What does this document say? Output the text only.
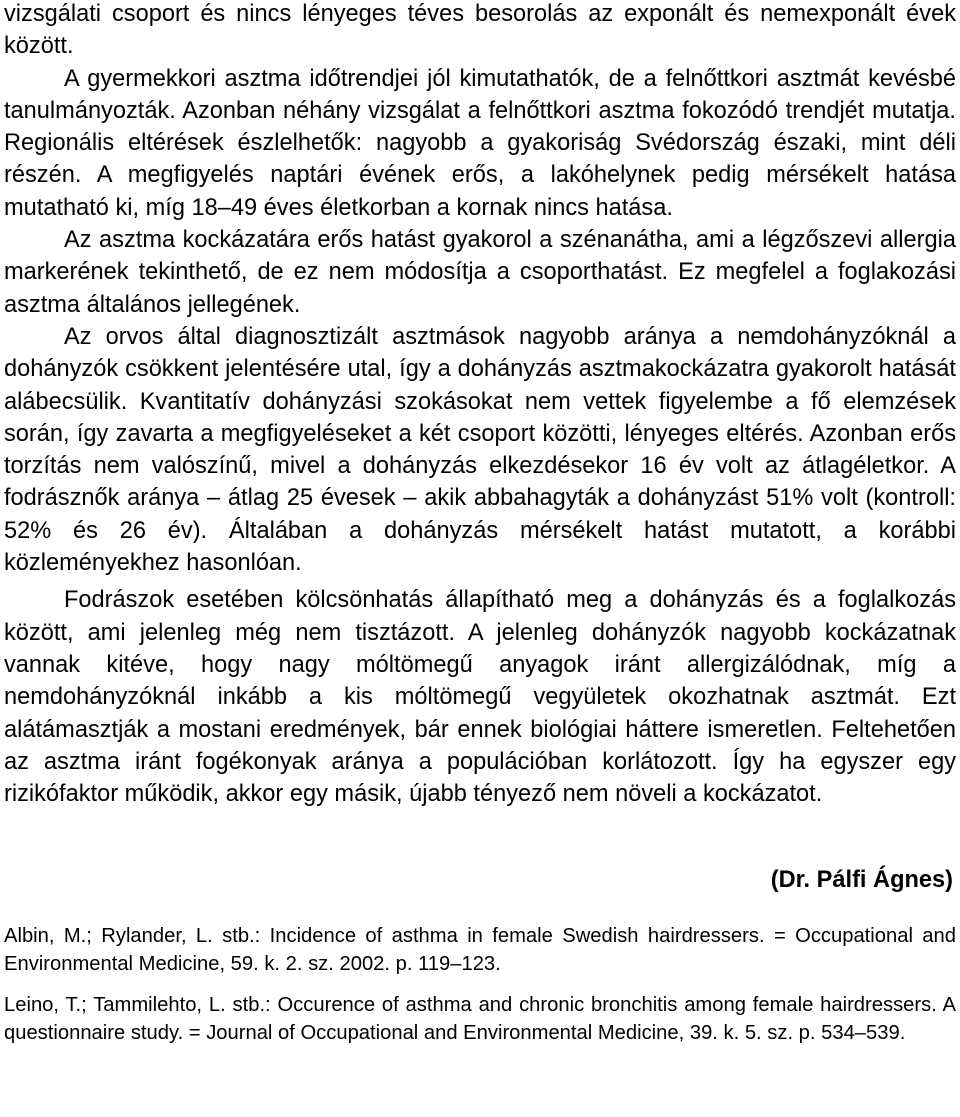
vizsgálati csoport és nincs lényeges téves besorolás az exponált és nemexponált évek között.

A gyermekkori asztma időtrendjei jól kimutathatók, de a felnőttkori asztmát kevésbé tanulmányozták. Azonban néhány vizsgálat a felnőttkori asztma fokozódó trendjét mutatja. Regionális eltérések észlelhetők: nagyobb a gyakoriság Svédország északi, mint déli részén. A megfigyelés naptári évének erős, a lakóhelynek pedig mérsékelt hatása mutatható ki, míg 18–49 éves életkorban a kornak nincs hatása.

Az asztma kockázatára erős hatást gyakorol a szénanátha, ami a légzőszevi allergia markerének tekinthető, de ez nem módosítja a csoporthatást. Ez megfelel a foglakozási asztma általános jellegének.

Az orvos által diagnosztizált asztmások nagyobb aránya a nemdohányzóknál a dohányzók csökkent jelentésére utal, így a dohányzás asztmakockázatra gyakorolt hatását alábecsülik. Kvantitatív dohányzási szokásokat nem vettek figyelembe a fő elemzések során, így zavarta a megfigyeléseket a két csoport közötti, lényeges eltérés. Azonban erős torzítás nem valószínű, mivel a dohányzás elkezdésekor 16 év volt az átlagéletkor. A fodrásznők aránya – átlag 25 évesek – akik abbahagyták a dohányzást 51% volt (kontroll: 52% és 26 év). Általában a dohányzás mérsékelt hatást mutatott, a korábbi közleményekhez hasonlóan.

Fodrászok esetében kölcsönhatás állapítható meg a dohányzás és a foglalkozás között, ami jelenleg még nem tisztázott. A jelenleg dohányzók nagyobb kockázatnak vannak kitéve, hogy nagy móltömegű anyagok iránt allergizálódnak, míg a nemdohányzóknál inkább a kis móltömegű vegyületek okozhatnak asztmát. Ezt alátámasztják a mostani eredmények, bár ennek biológiai háttere ismeretlen. Feltehetően az asztma iránt fogékonyak aránya a populációban korlátozott. Így ha egyszer egy rizikófaktor működik, akkor egy másik, újabb tényező nem növeli a kockázatot.

(Dr. Pálfi Ágnes)

Albin, M.; Rylander, L. stb.: Incidence of asthma in female Swedish hairdressers. = Occupational and Environmental Medicine, 59. k. 2. sz. 2002. p. 119–123.

Leino, T.; Tammilehto, L. stb.: Occurence of asthma and chronic bronchitis among female hairdressers. A questionnaire study. = Journal of Occupational and Environmental Medicine, 39. k. 5. sz. p. 534–539.
